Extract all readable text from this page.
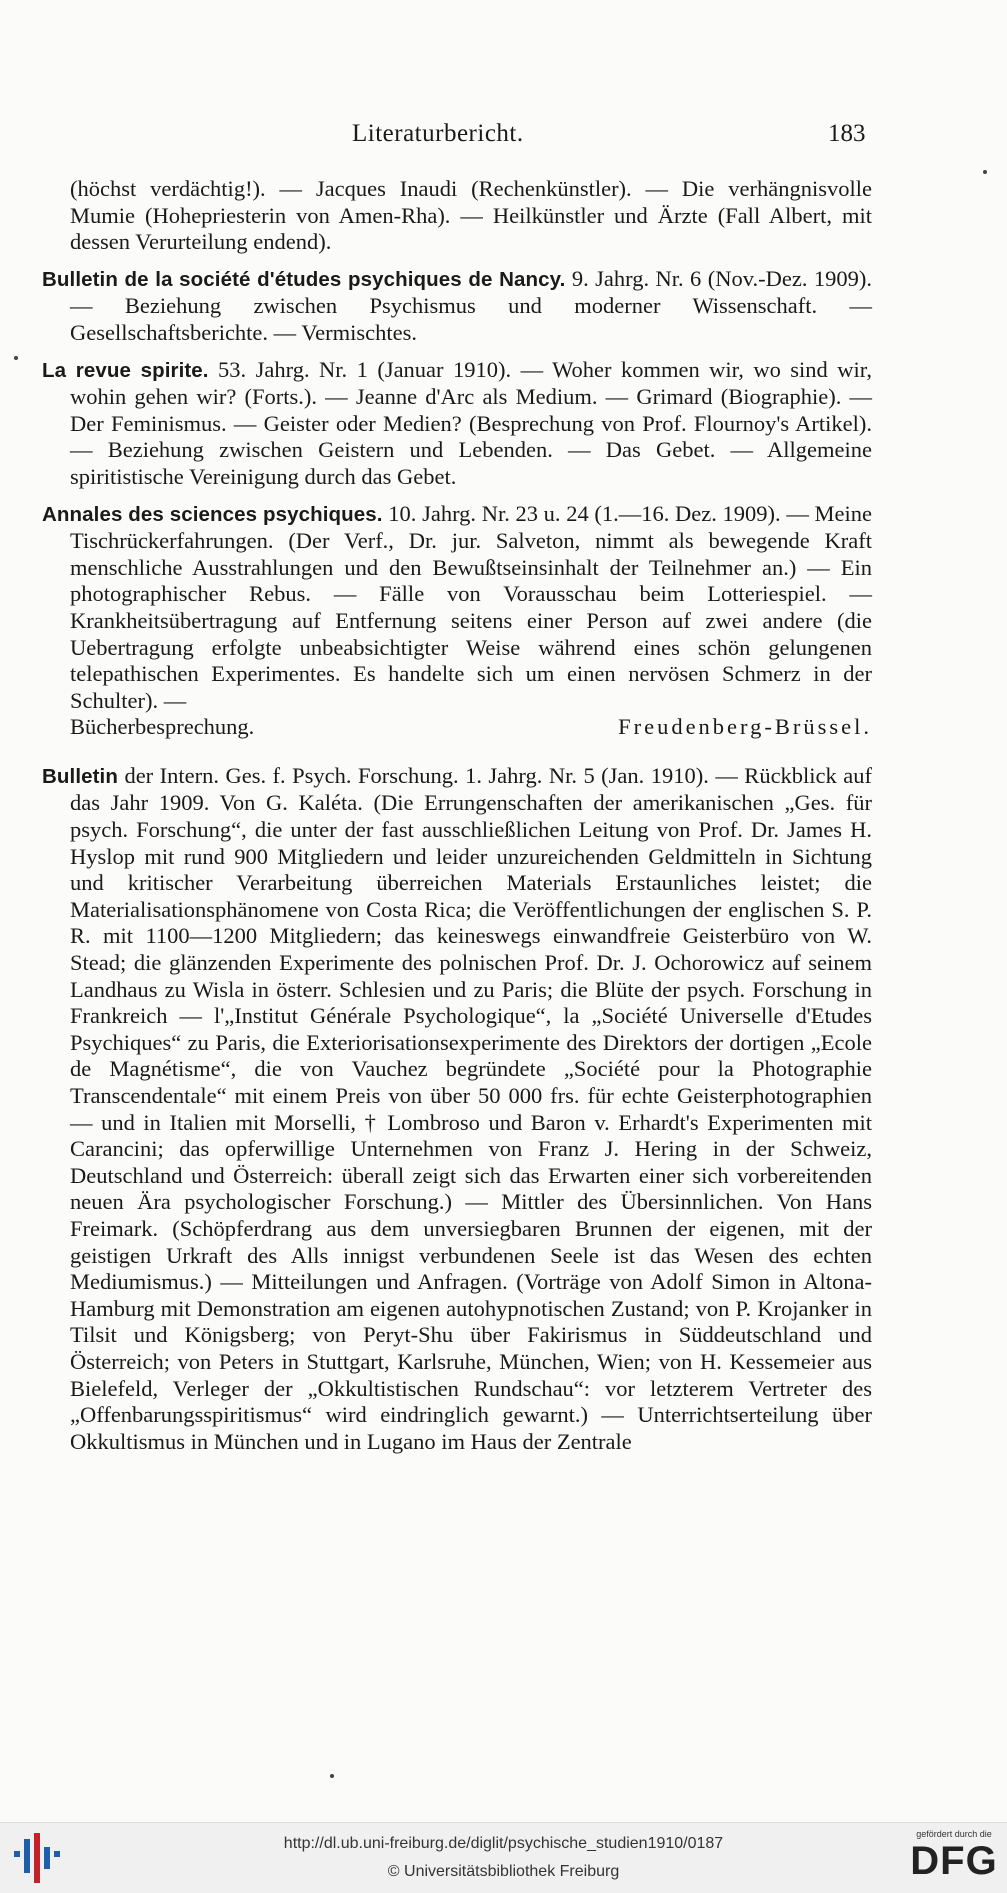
Literaturbericht.	183

(höchst verdächtig!). — Jacques Inaudi (Rechenkünstler). — Die verhängnisvolle Mumie (Hohepriesterin von Amen-Rha). — Heilkünstler und Ärzte (Fall Albert, mit dessen Verurteilung endend).

Bulletin de la société d'études psychiques de Nancy. 9. Jahrg. Nr. 6 (Nov.-Dez. 1909). — Beziehung zwischen Psychismus und moderner Wissenschaft. — Gesellschaftsberichte. — Vermischtes.

La revue spirite. 53. Jahrg. Nr. 1 (Januar 1910). — Woher kommen wir, wo sind wir, wohin gehen wir? (Forts.). — Jeanne d'Arc als Medium. — Grimard (Biographie). — Der Feminismus. — Geister oder Medien? (Besprechung von Prof. Flournoy's Artikel). — Beziehung zwischen Geistern und Lebenden. — Das Gebet. — Allgemeine spiritistische Vereinigung durch das Gebet.

Annales des sciences psychiques. 10. Jahrg. Nr. 23 u. 24 (1.—16. Dez. 1909). — Meine Tischrückerfahrungen. (Der Verf., Dr. jur. Salveton, nimmt als bewegende Kraft menschliche Ausstrahlungen und den Bewußtseinsinhalt der Teilnehmer an.) — Ein photographischer Rebus. — Fälle von Vorausschau beim Lotteriespiel. — Krankheitsübertragung auf Entfernung seitens einer Person auf zwei andere (die Uebertragung erfolgte unbeabsichtigter Weise während eines schön gelungenen telepathischen Experimentes. Es handelte sich um einen nervösen Schmerz in der Schulter). —

Bücherbesprechung.	Freudenberg-Brüssel.

Bulletin der Intern. Ges. f. Psych. Forschung. 1. Jahrg. Nr. 5 (Jan. 1910). — Rückblick auf das Jahr 1909. Von G. Kaléta. (Die Errungenschaften der amerikanischen „Ges. für psych. Forschung“, die unter der fast ausschließlichen Leitung von Prof. Dr. James H. Hyslop mit rund 900 Mitgliedern und leider unzureichenden Geldmitteln in Sichtung und kritischer Verarbeitung überreichen Materials Erstaunliches leistet; die Materialisationsphänomene von Costa Rica; die Veröffentlichungen der englischen S. P. R. mit 1100—1200 Mitgliedern; das keineswegs einwandfreie Geisterbüro von W. Stead; die glänzenden Experimente des polnischen Prof. Dr. J. Ochorowicz auf seinem Landhaus zu Wisla in österr. Schlesien und zu Paris; die Blüte der psych. Forschung in Frankreich — l'„Institut Générale Psychologique“, la „Société Universelle d'Etudes Psychiques“ zu Paris, die Exteriorisationsexperimente des Direktors der dortigen „Ecole de Magnétisme“, die von Vauchez begründete „Société pour la Photographie Transcendentale“ mit einem Preis von über 50 000 frs. für echte Geisterphotographien — und in Italien mit Morselli, † Lombroso und Baron v. Erhardt's Experimenten mit Carancini; das opferwillige Unternehmen von Franz J. Hering in der Schweiz, Deutschland und Österreich: überall zeigt sich das Erwarten einer sich vorbereitenden neuen Ära psychologischer Forschung.) — Mittler des Übersinnlichen. Von Hans Freimark. (Schöpferdrang aus dem unversiegbaren Brunnen der eigenen, mit der geistigen Urkraft des Alls innigst verbundenen Seele ist das Wesen des echten Mediumismus.) — Mitteilungen und Anfragen. (Vorträge von Adolf Simon in Altona-Hamburg mit Demonstration am eigenen autohypnotischen Zustand; von P. Krojanker in Tilsit und Königsberg; von Peryt-Shu über Fakirismus in Süddeutschland und Österreich; von Peters in Stuttgart, Karlsruhe, München, Wien; von H. Kessemeier aus Bielefeld, Verleger der „Okkultistischen Rundschau“: vor letzterem Vertreter des „Offenbarungsspiritismus“ wird eindringlich gewarnt.) — Unterrichtserteilung über Okkultismus in München und in Lugano im Haus der Zentrale

http://dl.ub.uni-freiburg.de/diglit/psychische_studien1910/0187
© Universitätsbibliothek Freiburg
gefördert durch die
DFG
